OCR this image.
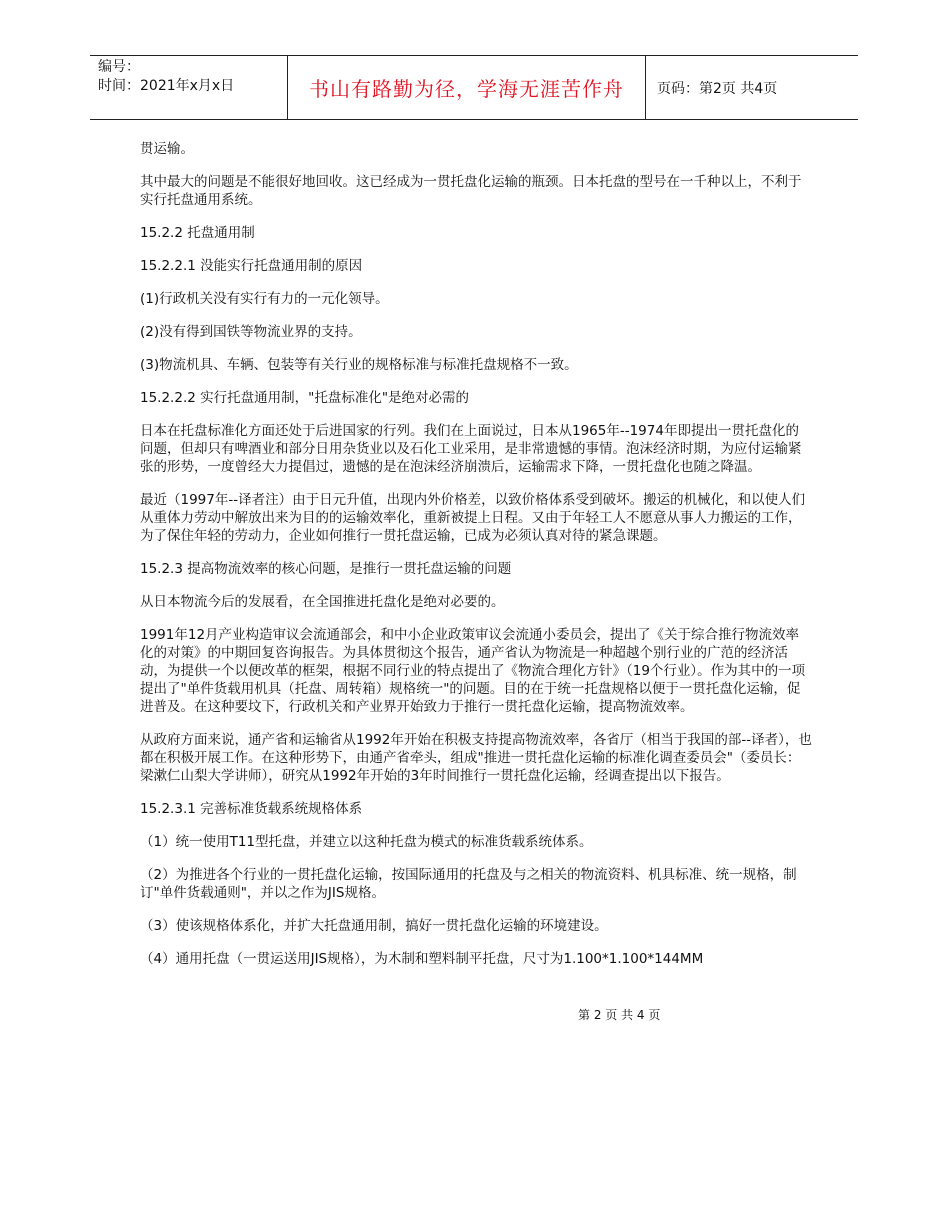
编号：
时间：2021年x月x日	书山有路勤为径，学海无涯苦作舟	页码：第2页 共4页

贯运输。

其中最大的问题是不能很好地回收。这已经成为一贯托盘化运输的瓶颈。日本托盘的型号在一千种以上，不利于实行托盘通用系统。

15.2.2 托盘通用制

15.2.2.1 没能实行托盘通用制的原因

(1)行政机关没有实行有力的一元化领导。

(2)没有得到国铁等物流业界的支持。

(3)物流机具、车辆、包装等有关行业的规格标准与标准托盘规格不一致。

15.2.2.2 实行托盘通用制，"托盘标准化"是绝对必需的

日本在托盘标准化方面还处于后进国家的行列。我们在上面说过，日本从1965年--1974年即提出一贯托盘化的问题，但却只有啤酒业和部分日用杂货业以及石化工业采用，是非常遗憾的事情。泡沫经济时期，为应付运输紧张的形势，一度曾经大力提倡过，遗憾的是在泡沫经济崩溃后，运输需求下降，一贯托盘化也随之降温。

最近（1997年--译者注）由于日元升值，出现内外价格差，以致价格体系受到破坏。搬运的机械化，和以使人们从重体力劳动中解放出来为目的的运输效率化，重新被提上日程。又由于年轻工人不愿意从事人力搬运的工作，为了保住年轻的劳动力，企业如何推行一贯托盘运输，已成为必须认真对待的紧急课题。

15.2.3 提高物流效率的核心问题，是推行一贯托盘运输的问题

从日本物流今后的发展看，在全国推进托盘化是绝对必要的。

1991年12月产业构造审议会流通部会，和中小企业政策审议会流通小委员会，提出了《关于综合推行物流效率化的对策》的中期回复咨询报告。为具体贯彻这个报告，通产省认为物流是一种超越个别行业的广范的经济活动，为提供一个以便改革的框架，根据不同行业的特点提出了《物流合理化方针》（19个行业）。作为其中的一项提出了"单件货载用机具（托盘、周转箱）规格统一"的问题。目的在于统一托盘规格以便于一贯托盘化运输，促进普及。在这种要坟下，行政机关和产业界开始致力于推行一贯托盘化运输，提高物流效率。

从政府方面来说，通产省和运输省从1992年开始在积极支持提高物流效率，各省厅（相当于我国的部--译者），也都在积极开展工作。在这种形势下，由通产省牵头，组成"推进一贯托盘化运输的标准化调查委员会"（委员长：梁漱仁山梨大学讲师），研究从1992年开始的3年时间推行一贯托盘化运输，经调查提出以下报告。

15.2.3.1 完善标准货载系统规格体系

（1）统一使用T11型托盘，并建立以这种托盘为模式的标准货载系统体系。

（2）为推进各个行业的一贯托盘化运输，按国际通用的托盘及与之相关的物流资料、机具标准、统一规格，制订"单件货载通则"，并以之作为JIS规格。

（3）使该规格体系化，并扩大托盘通用制，搞好一贯托盘化运输的环境建设。

（4）通用托盘（一贯运送用JIS规格），为木制和塑料制平托盘，尺寸为1.100*1.100*144MM

第 2 页 共 4 页
